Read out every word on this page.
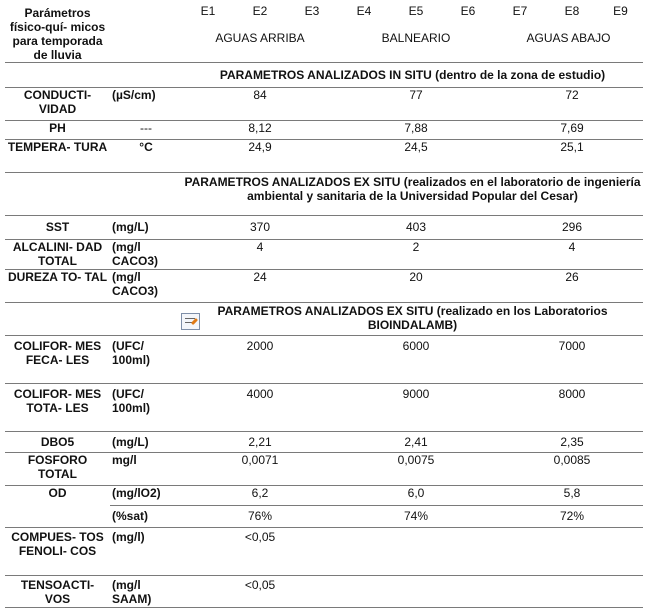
Parámetros físico-quí- micos para temporada de lluvia		E1	E2	E3	E4	E5	E6	E7	E8	E9
		AGUAS ARRIBA			BALNEARIO			AGUAS ABAJO		
		PARAMETROS ANALIZADOS IN SITU (dentro de la zona de estudio)								
CONDUCTI- VIDAD	(µS/cm)		84			77			72	
PH	---		8,12			7,88			7,69	
TEMPERA- TURA	°C		24,9			24,5			25,1	
		PARAMETROS ANALIZADOS EX SITU (realizados en el laboratorio de ingeniería ambiental y sanitaria de la Universidad Popular del Cesar)								
SST	(mg/L)		370			403			296	
ALCALINI- DAD TOTAL	(mg/l CACO3)		4			2			4	
DUREZA TO- TAL	(mg/l CACO3)		24			20			26	
		PARAMETROS ANALIZADOS EX SITU (realizado en los Laboratorios BIOINDALAMB)								
COLIFOR- MES FECA- LES	(UFC/ 100ml)		2000			6000			7000	
COLIFOR- MES TOTA- LES	(UFC/ 100ml)		4000			9000			8000	
DBO5	(mg/L)		2,21			2,41			2,35	
FOSFORO TOTAL	mg/l		0,0071			0,0075			0,0085	
OD	(mg/lO2)		6,2			6,0			5,8	
	(%sat)		76%			74%			72%	
COMPUES- TOS FENOLI- COS	(mg/l)		<0,05							
TENSOACTI- VOS	(mg/l SAAM)		<0,05							
